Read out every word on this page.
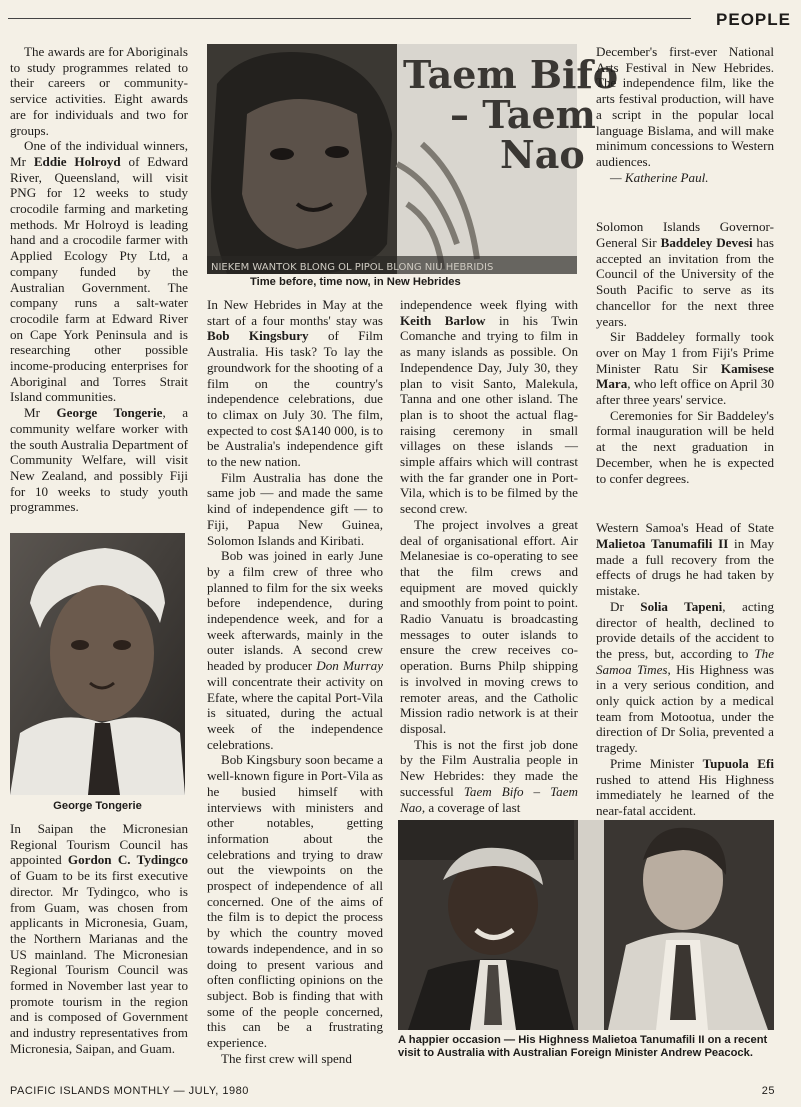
PEOPLE

The awards are for Aboriginals to study programmes related to their careers or community-service activities. Eight awards are for individuals and two for groups.

One of the individual winners, Mr Eddie Holroyd of Edward River, Queensland, will visit PNG for 12 weeks to study crocodile farming and marketing methods. Mr Holroyd is leading hand and a crocodile farmer with Applied Ecology Pty Ltd, a company funded by the Australian Government. The company runs a salt-water crocodile farm at Edward River on Cape York Peninsula and is researching other possible income-producing enterprises for Aboriginal and Torres Strait Island communities.

Mr George Tongerie, a community welfare worker with the south Australia Department of Community Welfare, will visit New Zealand, and possibly Fiji for 10 weeks to study youth programmes.

George Tongerie

In Saipan the Micronesian Regional Tourism Council has appointed Gordon C. Tydingco of Guam to be its first executive director. Mr Tydingco, who is from Guam, was chosen from applicants in Micronesia, Guam, the Northern Marianas and the US mainland. The Micronesian Regional Tourism Council was formed in November last year to promote tourism in the region and is composed of Government and industry representatives from Micronesia, Saipan, and Guam.

Taem Bifo
– Taem
Nao
NIEKEM WANTOK BLONG OL PIPOL BLONG NIU HEBRIDIS
Time before, time now, in New Hebrides

In New Hebrides in May at the start of a four months' stay was Bob Kingsbury of Film Australia. His task? To lay the groundwork for the shooting of a film on the country's independence celebrations, due to climax on July 30. The film, expected to cost $A140 000, is to be Australia's independence gift to the new nation.

Film Australia has done the same job — and made the same kind of independence gift — to Fiji, Papua New Guinea, Solomon Islands and Kiribati.

Bob was joined in early June by a film crew of three who planned to film for the six weeks before independence, during independence week, and for a week afterwards, mainly in the outer islands. A second crew headed by producer Don Murray will concentrate their activity on Efate, where the capital Port-Vila is situated, during the actual week of the independence celebrations.

Bob Kingsbury soon became a well-known figure in Port-Vila as he busied himself with interviews with ministers and other notables, getting information about the celebrations and trying to draw out the viewpoints on the prospect of independence of all concerned. One of the aims of the film is to depict the process by which the country moved towards independence, and in so doing to present various and often conflicting opinions on the subject. Bob is finding that with some of the people concerned, this can be a frustrating experience.

The first crew will spend

independence week flying with Keith Barlow in his Twin Comanche and trying to film in as many islands as possible. On Independence Day, July 30, they plan to visit Santo, Malekula, Tanna and one other island. The plan is to shoot the actual flag-raising ceremony in small villages on these islands — simple affairs which will contrast with the far grander one in Port-Vila, which is to be filmed by the second crew.

The project involves a great deal of organisational effort. Air Melanesiae is co-operating to see that the film crews and equipment are moved quickly and smoothly from point to point. Radio Vanuatu is broadcasting messages to outer islands to ensure the crew receives co-operation. Burns Philp shipping is involved in moving crews to remoter areas, and the Catholic Mission radio network is at their disposal.

This is not the first job done by the Film Australia people in New Hebrides: they made the successful Taem Bifo – Taem Nao, a coverage of last

December's first-ever National Arts Festival in New Hebrides. The independence film, like the arts festival production, will have a script in the popular local language Bislama, and will make minimum concessions to Western audiences.

— Katherine Paul.

Solomon Islands Governor-General Sir Baddeley Devesi has accepted an invitation from the Council of the University of the South Pacific to serve as its chancellor for the next three years.

Sir Baddeley formally took over on May 1 from Fiji's Prime Minister Ratu Sir Kamisese Mara, who left office on April 30 after three years' service.

Ceremonies for Sir Baddeley's formal inauguration will be held at the next graduation in December, when he is expected to confer degrees.

Western Samoa's Head of State Malietoa Tanumafili II in May made a full recovery from the effects of drugs he had taken by mistake.

Dr Solia Tapeni, acting director of health, declined to provide details of the accident to the press, but, according to The Samoa Times, His Highness was in a very serious condition, and only quick action by a medical team from Motootua, under the direction of Dr Solia, prevented a tragedy.

Prime Minister Tupuola Efi rushed to attend His Highness immediately he learned of the near-fatal accident.

A happier occasion — His Highness Malietoa Tanumafili II on a recent visit to Australia with Australian Foreign Minister Andrew Peacock.
PACIFIC ISLANDS MONTHLY — JULY, 1980	25
